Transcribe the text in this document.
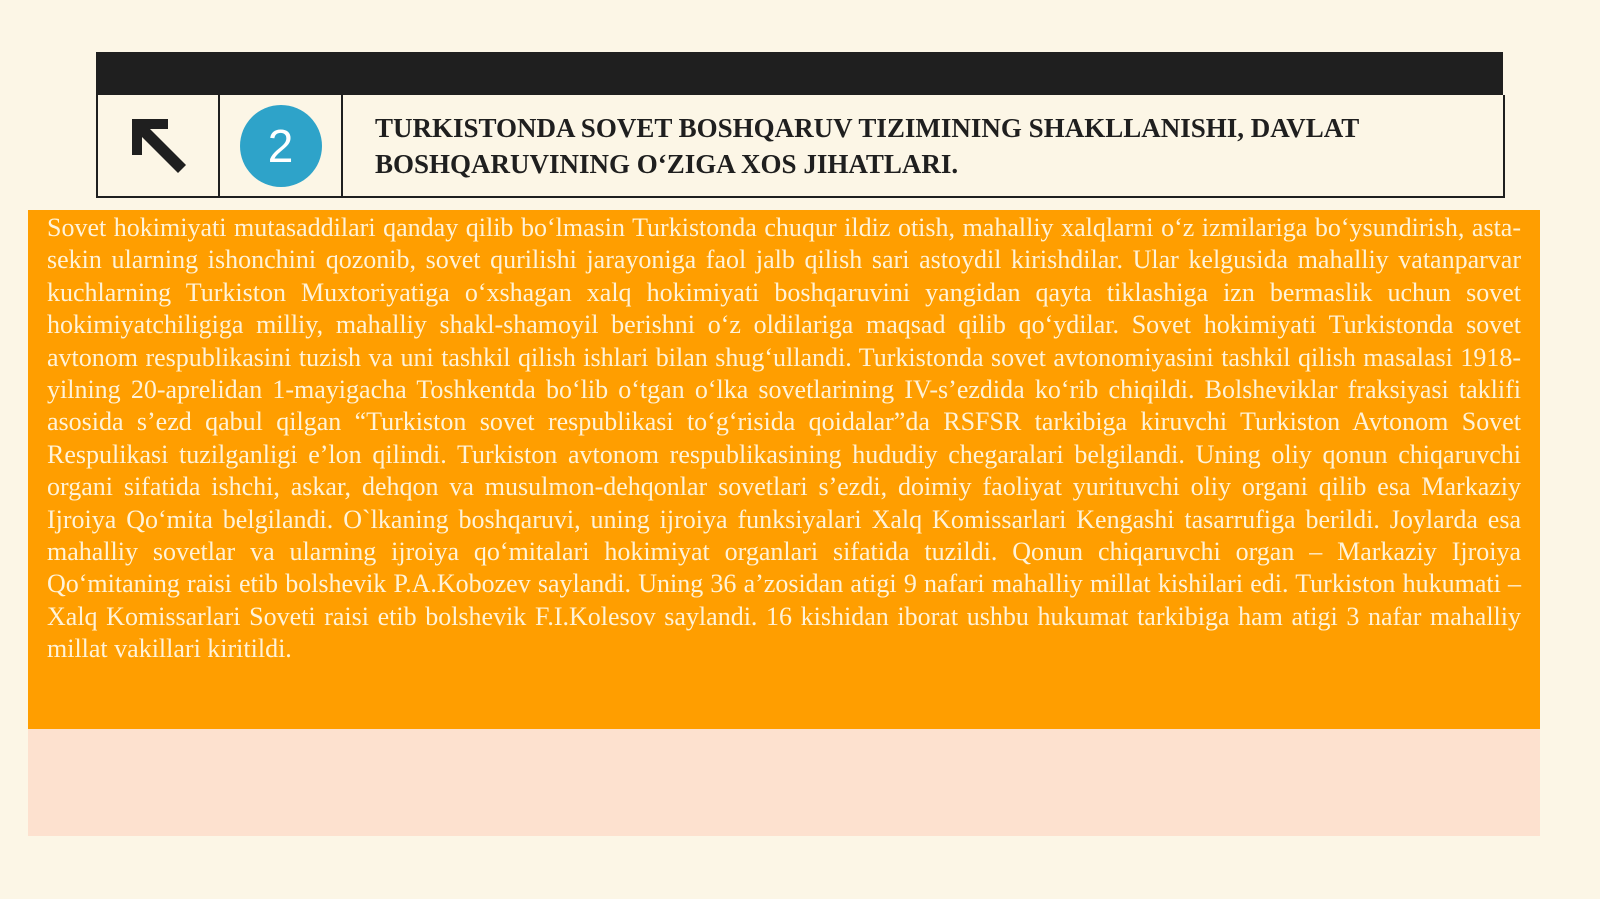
2	TURKISTONDA SOVET BOSHQARUV TIZIMINING SHAKLLANISHI, DAVLAT BOSHQARUVINING O‘ZIGA XOS JIHATLARI.

Sovet hokimiyati mutasaddilari qanday qilib bo‘lmasin Turkistonda chuqur ildiz otish, mahalliy xalqlarni o‘z izmilariga bo‘ysundirish, asta-sekin ularning ishonchini qozonib, sovet qurilishi jarayoniga faol jalb qilish sari astoydil kirishdilar. Ular kelgusida mahalliy vatanparvar kuchlarning Turkiston Muxtoriyatiga o‘xshagan xalq hokimiyati boshqaruvini yangidan qayta tiklashiga izn bermaslik uchun sovet hokimiyatchiligiga milliy, mahalliy shakl-shamoyil berishni o‘z oldilariga maqsad qilib qo‘ydilar. Sovet hokimiyati Turkistonda sovet avtonom respublikasini tuzish va uni tashkil qilish ishlari bilan shug‘ullandi. Turkistonda sovet avtonomiyasini tashkil qilish masalasi 1918-yilning 20-aprelidan 1-mayigacha Toshkentda bo‘lib o‘tgan o‘lka sovetlarining IV-s’ezdida ko‘rib chiqildi. Bolsheviklar fraksiyasi taklifi asosida s’ezd qabul qilgan “Turkiston sovet respublikasi to‘g‘risida qoidalar”da RSFSR tarkibiga kiruvchi Turkiston Avtonom Sovet Respulikasi tuzilganligi e’lon qilindi. Turkiston avtonom respublikasining hududiy chegaralari belgilandi. Uning oliy qonun chiqaruvchi organi sifatida ishchi, askar, dehqon va musulmon-dehqonlar sovetlari s’ezdi, doimiy faoliyat yurituvchi oliy organi qilib esa Markaziy Ijroiya Qo‘mita belgilandi. O`lkaning boshqaruvi, uning ijroiya funksiyalari Xalq Komissarlari Kengashi tasarrufiga berildi. Joylarda esa mahalliy sovetlar va ularning ijroiya qo‘mitalari hokimiyat organlari sifatida tuzildi. Qonun chiqaruvchi organ – Markaziy Ijroiya Qo‘mitaning raisi etib bolshevik P.A.Kobozev saylandi. Uning 36 a’zosidan atigi 9 nafari mahalliy millat kishilari edi. Turkiston hukumati – Xalq Komissarlari Soveti raisi etib bolshevik F.I.Kolesov saylandi. 16 kishidan iborat ushbu hukumat tarkibiga ham atigi 3 nafar mahalliy millat vakillari kiritildi.
